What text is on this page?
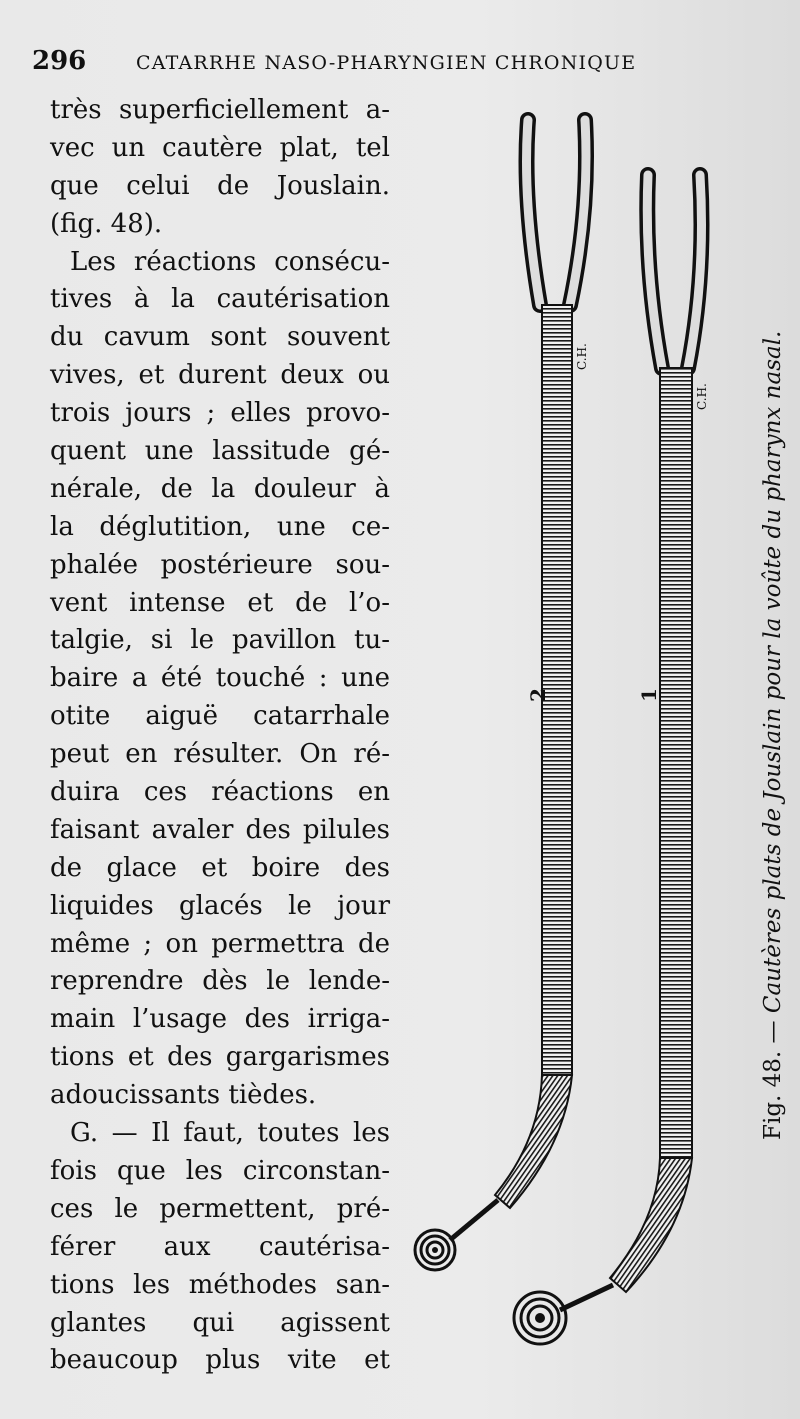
296	CATARRHE NASO-PHARYNGIEN CHRONIQUE
très superficiellement a-
vec un cautère plat, tel
que celui de Jouslain.
(fig. 48).
Les réactions consécu-
tives à la cautérisation
du cavum sont souvent
vives, et durent deux ou
trois jours ; elles provo-
quent une lassitude gé-
nérale, de la douleur à
la déglutition, une ce-
phalée postérieure sou-
vent intense et de l’o-
talgie, si le pavillon tu-
baire a été touché : une
otite aiguë catarrhale
peut en résulter. On ré-
duira ces réactions en
faisant avaler des pilules
de glace et boire des
liquides glacés le jour
même ; on permettra de
reprendre dès le lende-
main l’usage des irriga-
tions et des gargarismes
adoucissants tièdes.
G. — Il faut, toutes les
fois que les circonstan-
ces le permettent, pré-
férer aux cautérisa-
tions les méthodes san-
glantes qui agissent
beaucoup plus vite et
C.H.
C.H.
2	1
Fig. 48. — Cautères plats de Jouslain pour la voûte du pharynx nasal.
